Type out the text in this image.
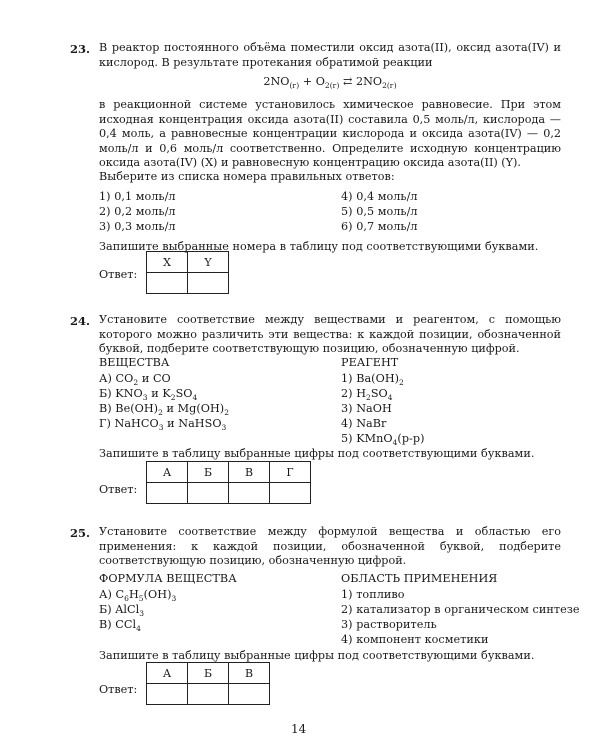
23. В реактор постоянного объёма поместили оксид азота(II), оксид азота(IV) и кислород. В результате протекания обратимой реакции
$2NO_{(г)} + O_{2(г)}$ ⇄ $2NO_{2(г)}$
в реакционной системе установилось химическое равновесие. При этом исходная концентрация оксида азота(II) составила 0,5 моль/л, кислорода — 0,4 моль, а равновесные концентрации кислорода и оксида азота(IV) — 0,2 моль/л и 0,6 моль/л соответственно. Определите исходную концентрацию оксида азота(IV) (X) и равновесную концентрацию оксида азота(II) (Y).
Выберите из списка номера правильных ответов:
1) 0,1 моль/л
2) 0,2 моль/л
3) 0,3 моль/л
4) 0,4 моль/л
5) 0,5 моль/л
6) 0,7 моль/л
Запишите выбранные номера в таблицу под соответствующими буквами.
Ответ:
X	Y

24. Установите соответствие между веществами и реагентом, с помощью которого можно различить эти вещества: к каждой позиции, обозначенной буквой, подберите соответствующую позицию, обозначенную цифрой.
ВЕЩЕСТВА	РЕАГЕНТ
А) $CO_2$ и CO
Б) $KNO_3$ и $K_2SO_4$
В) $Be(OH)_2$ и $Mg(OH)_2$
Г) NaHCO$_3$ и NaHSO$_3$
1) $Ba(OH)_2$
2) $H_2SO_4$
3) NaOH
4) NaBr
5) KMnO$_4$(р-р)
Запишите в таблицу выбранные цифры под соответствующими буквами.
Ответ:
А	Б	В	Г

25. Установите соответствие между формулой вещества и областью его применения: к каждой позиции, обозначенной буквой, подберите соответствующую позицию, обозначенную цифрой.
ФОРМУЛА ВЕЩЕСТВА	ОБЛАСТЬ ПРИМЕНЕНИЯ
А) $C_6H_5(OH)_3$
Б) AlCl$_3$
В) CCl$_4$
1) топливо
2) катализатор в органическом синтезе
3) растворитель
4) компонент косметики
Запишите в таблицу выбранные цифры под соответствующими буквами.
Ответ:
А	Б	В

14
